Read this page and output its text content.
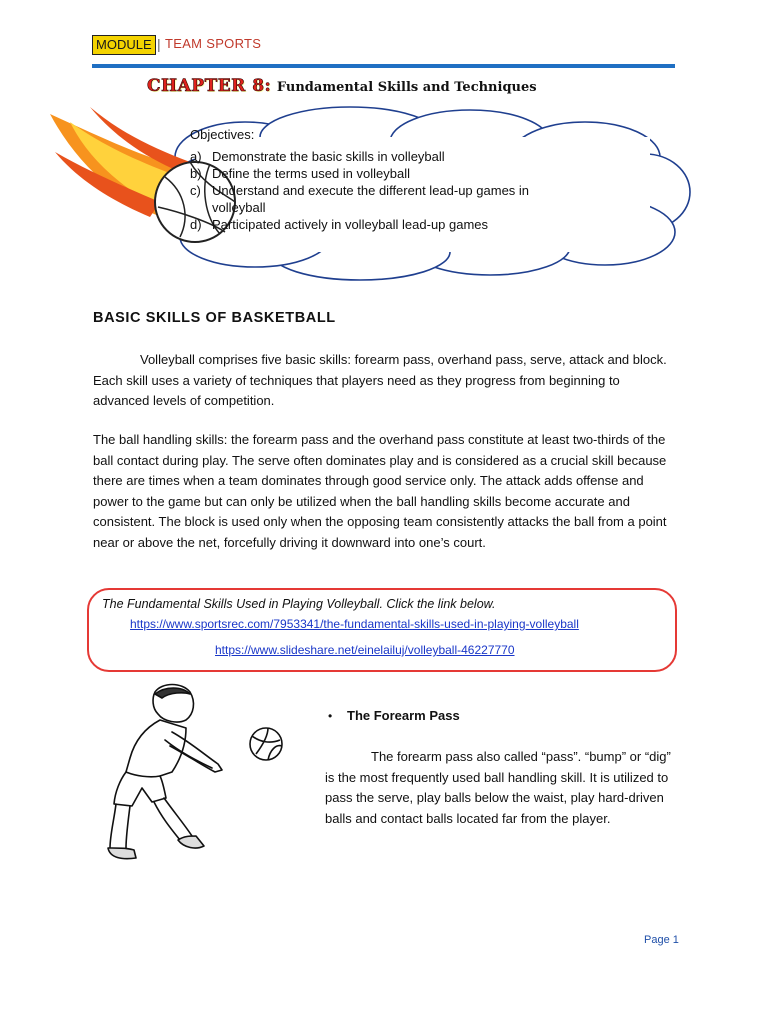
MODULE | TEAM SPORTS
CHAPTER 8: Fundamental Skills and Techniques
Objectives:
a) Demonstrate the basic skills in volleyball
b) Define the terms used in volleyball
c) Understand and execute the different lead-up games in volleyball
d) Participated actively in volleyball lead-up games
BASIC SKILLS OF BASKETBALL
Volleyball comprises five basic skills: forearm pass, overhand pass, serve, attack and block. Each skill uses a variety of techniques that players need as they progress from beginning to advanced levels of competition.
The ball handling skills: the forearm pass and the overhand pass constitute at least two-thirds of the ball contact during play. The serve often dominates play and is considered as a crucial skill because there are times when a team dominates through good service only. The attack adds offense and power to the game but can only be utilized when the ball handling skills become accurate and consistent. The block is used only when the opposing team consistently attacks the ball from a point near or above the net, forcefully driving it downward into one’s court.
The Fundamental Skills Used in Playing Volleyball. Click the link below.
https://www.sportsrec.com/7953341/the-fundamental-skills-used-in-playing-volleyball
https://www.slideshare.net/einelailuj/volleyball-46227770
• The Forearm Pass
The forearm pass also called “pass”. “bump” or “dig” is the most frequently used ball handling skill. It is utilized to pass the serve, play balls below the waist, play hard-driven balls and contact balls located far from the player.
Page 1
